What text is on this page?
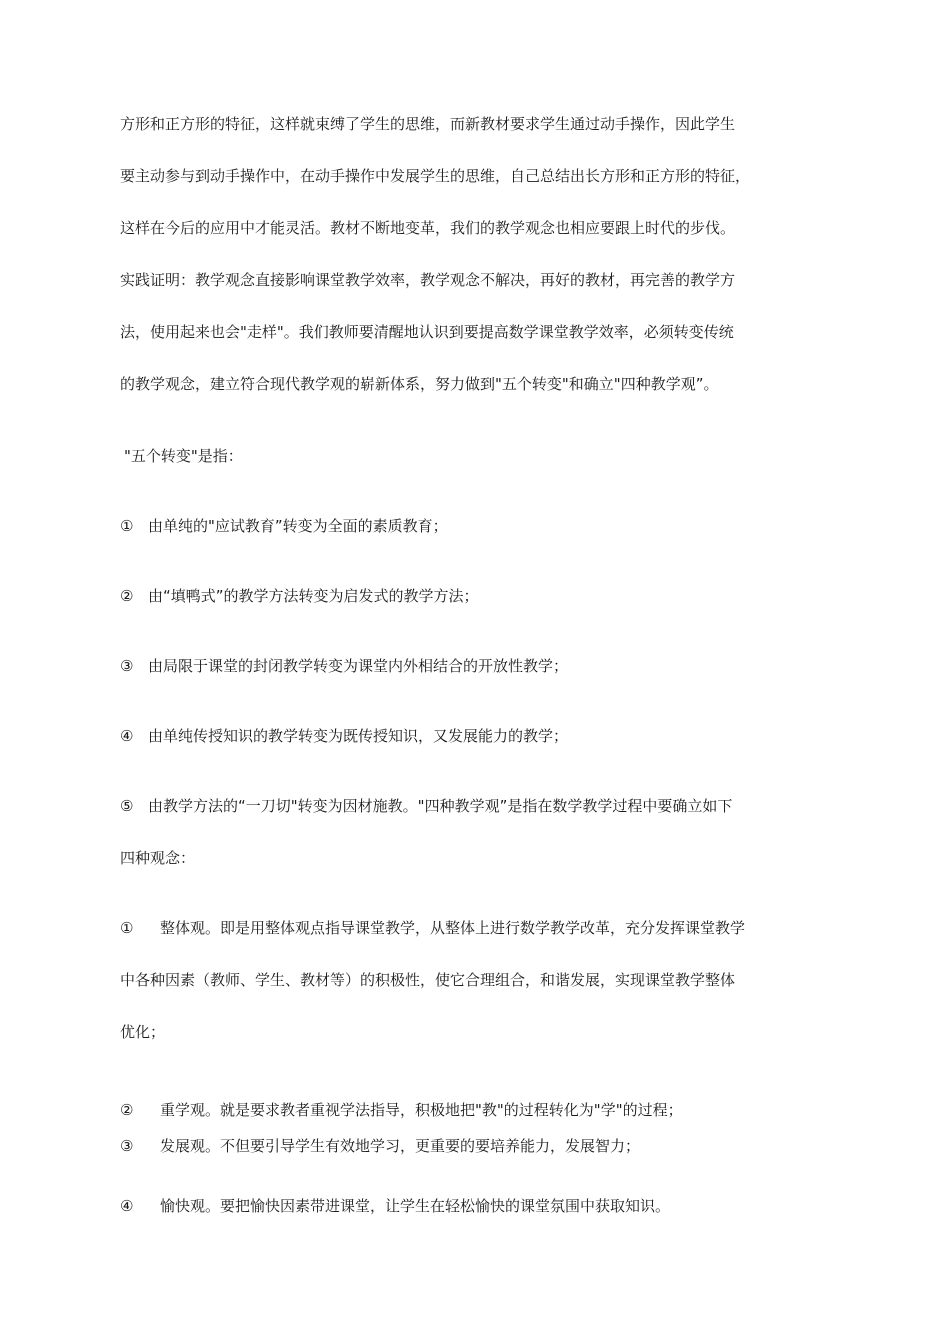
方形和正方形的特征，这样就束缚了学生的思维，而新教材要求学生通过动手操作，因此学生
要主动参与到动手操作中，在动手操作中发展学生的思维，自己总结出长方形和正方形的特征，
这样在今后的应用中才能灵活。教材不断地变革，我们的教学观念也相应要跟上时代的步伐。
实践证明：教学观念直接影响课堂教学效率，教学观念不解决，再好的教材，再完善的教学方
法，使用起来也会"走样"。我们教师要清醒地认识到要提高数学课堂教学效率，必须转变传统
的教学观念，建立符合现代教学观的崭新体系，努力做到"五个转变"和确立"四种教学观”。
"五个转变"是指：
① 由单纯的"应试教育”转变为全面的素质教育；
② 由“填鸭式”的教学方法转变为启发式的教学方法；
③ 由局限于课堂的封闭教学转变为课堂内外相结合的开放性教学；
④ 由单纯传授知识的教学转变为既传授知识，又发展能力的教学；
⑤ 由教学方法的“一刀切"转变为因材施教。"四种教学观”是指在数学教学过程中要确立如下
四种观念：
① 整体观。即是用整体观点指导课堂教学，从整体上进行数学教学改革，充分发挥课堂教学
中各种因素（教师、学生、教材等）的积极性，使它合理组合，和谐发展，实现课堂教学整体
优化；
② 重学观。就是要求教者重视学法指导，积极地把"教"的过程转化为"学"的过程；
③ 发展观。不但要引导学生有效地学习，更重要的要培养能力，发展智力；
④ 愉快观。要把愉快因素带进课堂，让学生在轻松愉快的课堂氛围中获取知识。
